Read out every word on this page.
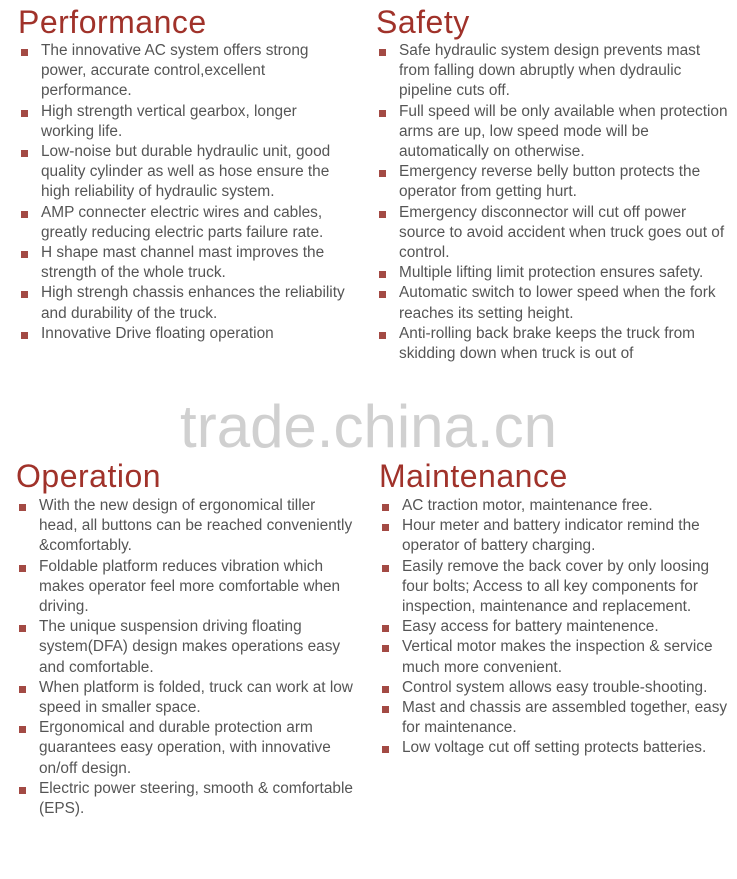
Performance
The innovative AC system offers strong power, accurate control,excellent performance.
High strength vertical gearbox, longer working life.
Low-noise but durable hydraulic unit, good quality cylinder as well as hose ensure the high reliability of hydraulic system.
AMP connecter electric wires and cables, greatly reducing electric parts failure rate.
H shape mast channel mast improves the strength of the whole truck.
High strengh chassis enhances the reliability and durability of the truck.
Innovative Drive floating operation
Safety
Safe hydraulic system design prevents mast from falling down abruptly when dydraulic pipeline cuts off.
Full speed will be only available when protection arms are up, low speed mode will be automatically on otherwise.
Emergency reverse belly button protects the operator from getting hurt.
Emergency disconnector will cut off power source to avoid accident when truck goes out of control.
Multiple lifting limit protection ensures safety.
Automatic switch to lower speed when the fork reaches its setting height.
Anti-rolling back brake keeps the truck from skidding down when truck is out of
trade.china.cn
Operation
With the new design of ergonomical tiller head, all buttons can be reached conveniently &comfortably.
Foldable platform reduces vibration which makes operator feel more comfortable when driving.
The unique suspension driving floating system(DFA) design makes operations easy and comfortable.
When platform is folded, truck can work at low speed in smaller space.
Ergonomical and durable protection arm guarantees easy operation, with innovative on/off design.
Electric power steering, smooth & comfortable (EPS).
Maintenance
AC traction motor, maintenance free.
Hour meter and battery indicator remind the operator of battery charging.
Easily remove the back cover by only loosing four bolts; Access to all key components for inspection, maintenance and replacement.
Easy access for battery maintenence.
Vertical motor makes the inspection & service much more convenient.
Control system allows easy trouble-shooting.
Mast and chassis are assembled together, easy for maintenance.
Low voltage cut off setting protects batteries.
